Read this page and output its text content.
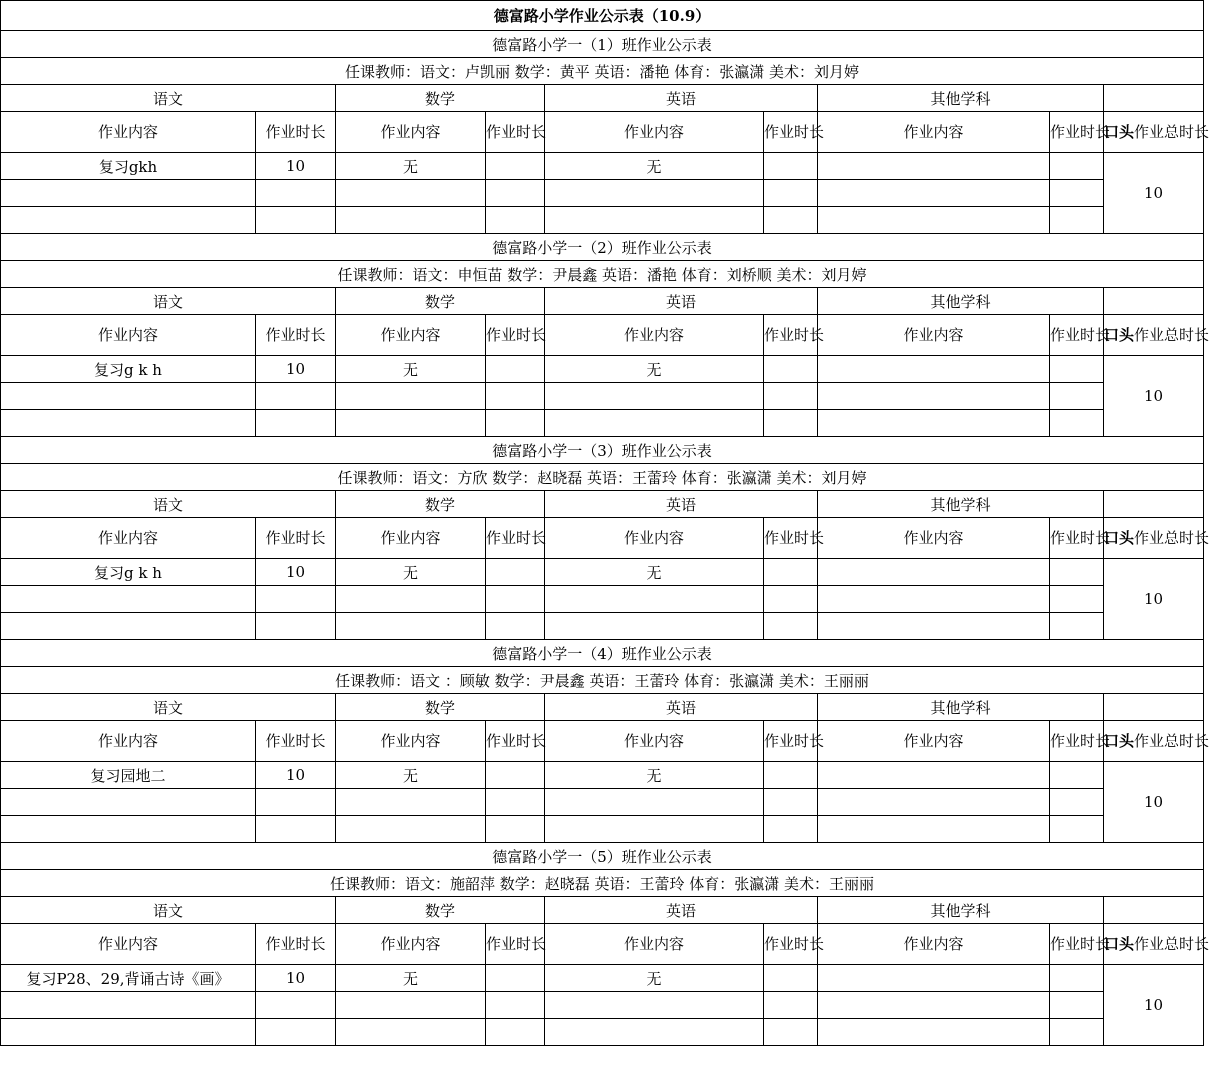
德富路小学作业公示表（10.9）								
德富路小学一（1）班作业公示表								
任课教师：语文：卢凯丽 数学：黄平 英语：潘艳 体育：张瀛潇 美术：刘月婷								
语文		数学		英语		其他学科		
作业内容	作业时长	作业内容	作业时长	作业内容	作业时长	作业内容	作业时长	口头作业总时长
复习gkh	10	无		无				10

德富路小学一（2）班作业公示表								
任课教师：语文：申恒苗 数学：尹晨鑫 英语：潘艳 体育：刘桥顺 美术：刘月婷								
语文		数学		英语		其他学科		
作业内容	作业时长	作业内容	作业时长	作业内容	作业时长	作业内容	作业时长	口头作业总时长
复习g k h	10	无		无				10

德富路小学一（3）班作业公示表								
任课教师：语文：方欣 数学：赵晓磊 英语：王蕾玲 体育：张瀛潇 美术：刘月婷								
语文		数学		英语		其他学科		
作业内容	作业时长	作业内容	作业时长	作业内容	作业时长	作业内容	作业时长	口头作业总时长
复习g k h	10	无		无				10

德富路小学一（4）班作业公示表								
任课教师：语文 ：顾敏 数学：尹晨鑫 英语：王蕾玲 体育：张瀛潇 美术：王丽丽								
语文		数学		英语		其他学科		
作业内容	作业时长	作业内容	作业时长	作业内容	作业时长	作业内容	作业时长	口头作业总时长
复习园地二	10	无		无				10

德富路小学一（5）班作业公示表								
任课教师：语文：施韶萍 数学：赵晓磊 英语：王蕾玲 体育：张瀛潇 美术：王丽丽								
语文		数学		英语		其他学科		
作业内容	作业时长	作业内容	作业时长	作业内容	作业时长	作业内容	作业时长	口头作业总时长
复习P28、29,背诵古诗《画》	10	无		无				10
